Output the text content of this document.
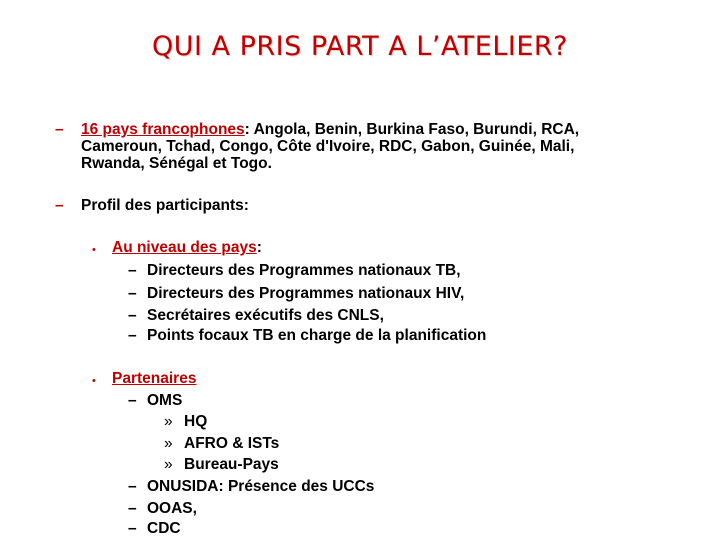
QUI A PRIS PART A L’ATELIER?
– 16 pays francophones: Angola, Benin, Burkina Faso, Burundi, RCA,
Cameroun, Tchad, Congo, Côte d'Ivoire, RDC, Gabon, Guinée, Mali,
Rwanda, Sénégal et Togo.
– Profil des participants:
• Au niveau des pays:
– Directeurs des Programmes nationaux TB,
– Directeurs des Programmes nationaux HIV,
– Secrétaires exécutifs des CNLS,
– Points focaux TB en charge de la planification
• Partenaires
– OMS
» HQ
» AFRO & ISTs
» Bureau-Pays
– ONUSIDA: Présence des UCCs
– OOAS,
– CDC
